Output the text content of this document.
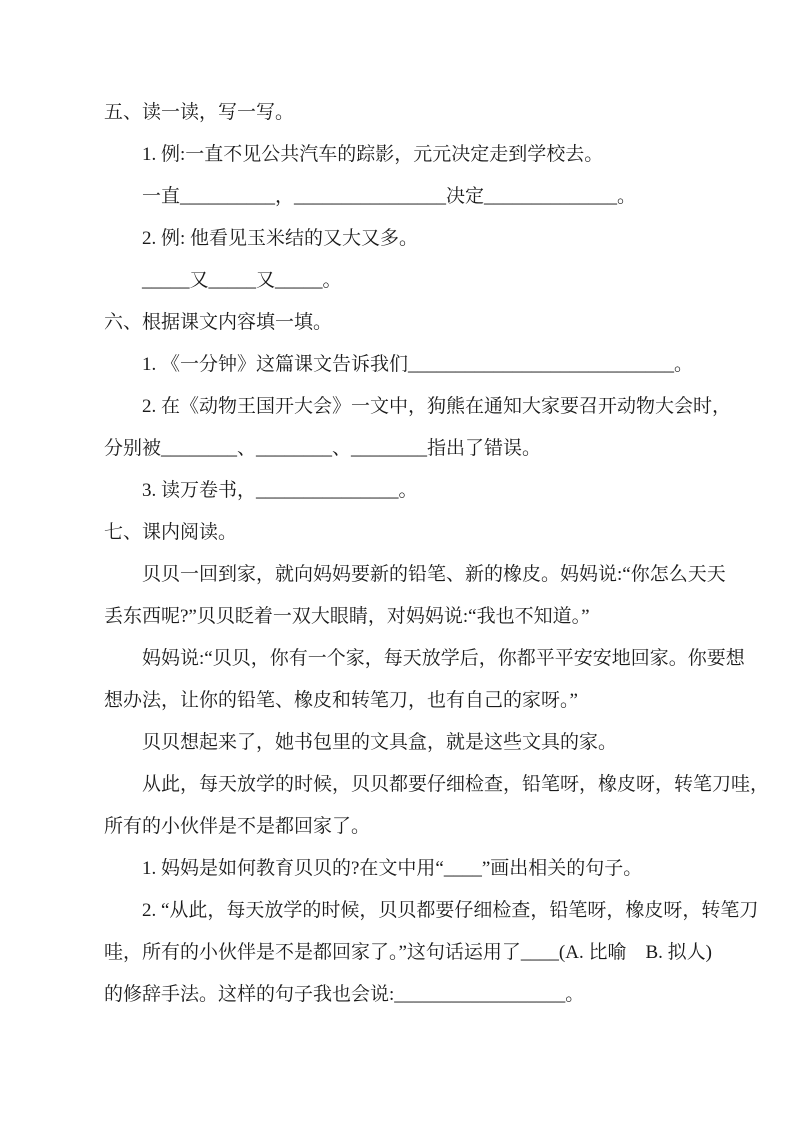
五、读一读，写一写。
1. 例:一直不见公共汽车的踪影，元元决定走到学校去。
一直__________，________________决定______________。
2. 例: 他看见玉米结的又大又多。
_____又_____又_____。
六、根据课文内容填一填。
1. 《一分钟》这篇课文告诉我们____________________________。
2. 在《动物王国开大会》一文中，狗熊在通知大家要召开动物大会时，
分别被________、________、________指出了错误。
3. 读万卷书，_______________。
七、课内阅读。
贝贝一回到家，就向妈妈要新的铅笔、新的橡皮。妈妈说:“你怎么天天
丢东西呢?”贝贝眨着一双大眼睛，对妈妈说:“我也不知道。”
妈妈说:“贝贝，你有一个家，每天放学后，你都平平安安地回家。你要想
想办法，让你的铅笔、橡皮和转笔刀，也有自己的家呀。”
贝贝想起来了，她书包里的文具盒，就是这些文具的家。
从此，每天放学的时候，贝贝都要仔细检查，铅笔呀，橡皮呀，转笔刀哇，
所有的小伙伴是不是都回家了。
1. 妈妈是如何教育贝贝的?在文中用“____”画出相关的句子。
2. “从此，每天放学的时候，贝贝都要仔细检查，铅笔呀，橡皮呀，转笔刀
哇，所有的小伙伴是不是都回家了。”这句话运用了____(A. 比喻　B. 拟人)
的修辞手法。这样的句子我也会说:__________________。
